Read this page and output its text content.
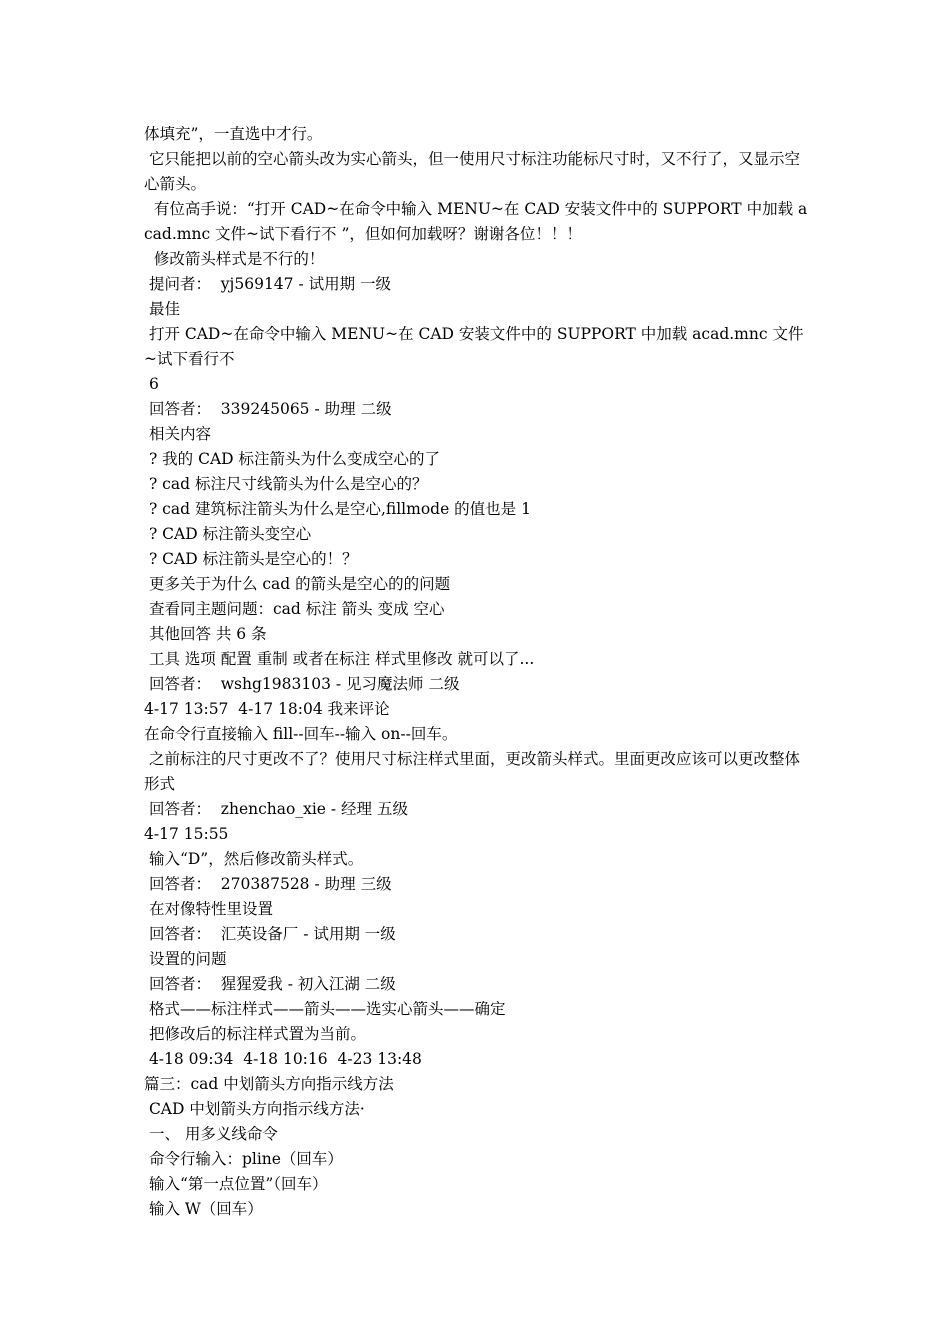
体填充”，一直选中才行。

它只能把以前的空心箭头改为实心箭头，但一使用尺寸标注功能标尺寸时，又不行了，又显示空心箭头。

有位高手说：“打开 CAD~在命令中输入 MENU~在 CAD 安装文件中的 SUPPORT 中加载 acad.mnc 文件~试下看行不 ”，但如何加载呀？谢谢各位！！！

修改箭头样式是不行的！

提问者：  yj569147 - 试用期 一级

最佳

打开 CAD~在命令中输入 MENU~在 CAD 安装文件中的 SUPPORT 中加载 acad.mnc 文件~试下看行不

6

回答者：  339245065 - 助理 二级

相关内容

? 我的 CAD 标注箭头为什么变成空心的了

? cad 标注尺寸线箭头为什么是空心的？

? cad 建筑标注箭头为什么是空心,fillmode 的值也是 1

? CAD 标注箭头变空心

? CAD 标注箭头是空心的！？

更多关于为什么 cad 的箭头是空心的的问题

查看同主题问题：cad 标注 箭头 变成 空心

其他回答 共 6 条

工具 选项 配置 重制 或者在标注 样式里修改 就可以了...

回答者：  wshg1983103 - 见习魔法师 二级

4-17 13:57  4-17 18:04 我来评论

在命令行直接输入 fill--回车--输入 on--回车。

之前标注的尺寸更改不了？使用尺寸标注样式里面，更改箭头样式。里面更改应该可以更改整体形式

回答者：  zhenchao_xie - 经理 五级

4-17 15:55

输入“D”，然后修改箭头样式。

回答者：  270387528 - 助理 三级

在对像特性里设置

回答者：  汇英设备厂 - 试用期 一级

设置的问题

回答者：  猩猩爱我 - 初入江湖 二级

格式——标注样式——箭头——选实心箭头——确定

把修改后的标注样式置为当前。

4-18 09:34  4-18 10:16  4-23 13:48

篇三：cad 中划箭头方向指示线方法

CAD 中划箭头方向指示线方法·

一、 用多义线命令

命令行输入：pline（回车）

输入“第一点位置”（回车）

输入 W（回车）
